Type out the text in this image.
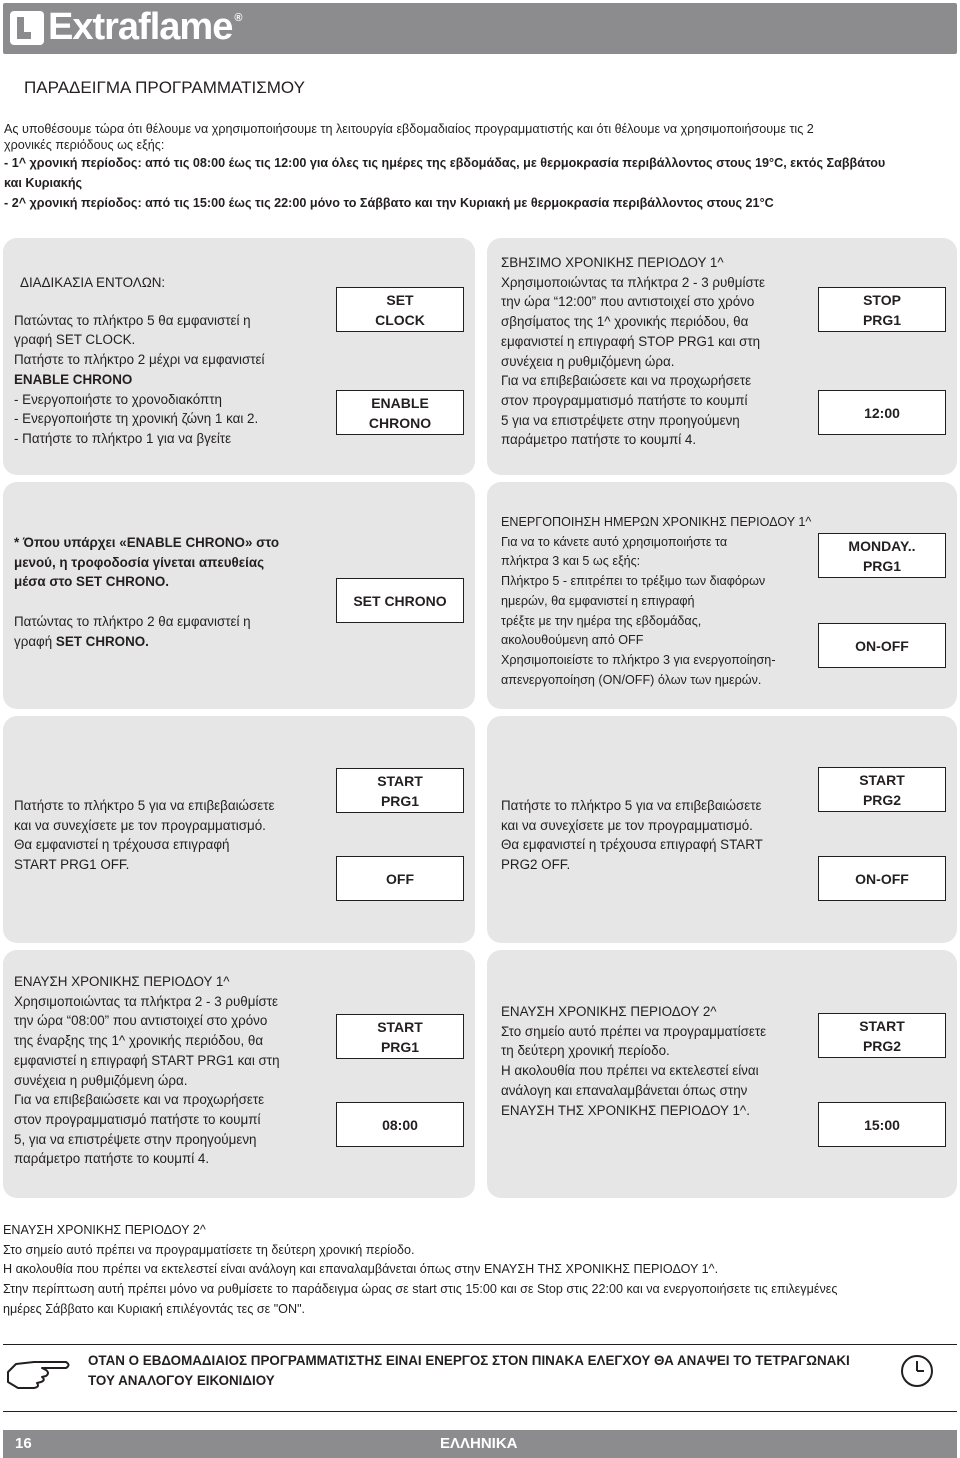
Extraflame ®
ΠΑΡΑΔΕΙΓΜΑ ΠΡΟΓΡΑΜΜΑΤΙΣΜΟΥ

Ας υποθέσουμε τώρα ότι θέλουμε να χρησιμοποιήσουμε τη λειτουργία εβδομαδιαίος προγραμματιστής και ότι θέλουμε να χρησιμοποιήσουμε τις 2

χρονικές περιόδους ως εξής:

- 1^ χρονική περίοδος: από τις 08:00 έως τις 12:00 για όλες τις ημέρες της εβδομάδας, με θερμοκρασία περιβάλλοντος στους 19°C, εκτός Σαββάτου

και Κυριακής

- 2^ χρονική περίοδος: από τις 15:00 έως τις 22:00 μόνο το Σάββατο και την Κυριακή με θερμοκρασία περιβάλλοντος στους 21°C

ΔΙΑΔΙΚΑΣΙΑ ΕΝΤΟΛΩΝ:

Πατώντας το πλήκτρο 5 θα εμφανιστεί η

γραφή SET CLOCK.

Πατήστε το πλήκτρο 2 μέχρι να εμφανιστεί

ENABLE CHRONO

- Ενεργοποιήστε το χρονοδιακόπτη

- Ενεργοποιήστε τη χρονική ζώνη 1 και 2.

- Πατήστε το πλήκτρο 1 για να βγείτε

SET
CLOCK
ENABLE
CHRONO

ΣΒΗΣΙΜΟ ΧΡΟΝΙΚΗΣ ΠΕΡΙΟΔΟΥ 1^

Χρησιμοποιώντας τα πλήκτρα 2 - 3 ρυθμίστε

την ώρα “12:00” που αντιστοιχεί στο χρόνο

σβησίματος της 1^ χρονικής περιόδου, θα

εμφανιστεί η επιγραφή STOP PRG1 και στη

συνέχεια η ρυθμιζόμενη ώρα.

Για να επιβεβαιώσετε και να προχωρήσετε

στον προγραμματισμό πατήστε το κουμπί

5 για να επιστρέψετε στην προηγούμενη

παράμετρο πατήστε το κουμπί 4.

STOP
PRG1
12:00

* Όπου υπάρχει «ENABLE CHRONO» στο

μενού, η τροφοδοσία γίνεται απευθείας

μέσα στο SET CHRONO.

Πατώντας το πλήκτρο 2 θα εμφανιστεί η

γραφή SET CHRONO.

SET CHRONO

ΕΝΕΡΓΟΠΟΙΗΣΗ ΗΜΕΡΩΝ ΧΡΟΝΙΚΗΣ ΠΕΡΙΟΔΟΥ 1^

Για να το κάνετε αυτό χρησιμοποιήστε τα

πλήκτρα 3 και 5 ως εξής:

Πλήκτρο 5 - επιτρέπει το τρέξιμο των διαφόρων

ημερών, θα εμφανιστεί η επιγραφή

τρέξτε με την ημέρα της εβδομάδας,

ακολουθούμενη από OFF

Χρησιμοποιείστε το πλήκτρο 3 για ενεργοποίηση-

απενεργοποίηση (ON/OFF) όλων των ημερών.

MONDAY..
PRG1
ON-OFF

Πατήστε το πλήκτρο 5 για να επιβεβαιώσετε

και να συνεχίσετε με τον προγραμματισμό.

Θα εμφανιστεί η τρέχουσα επιγραφή

START PRG1 OFF.

START
PRG1
OFF

Πατήστε το πλήκτρο 5 για να επιβεβαιώσετε

και να συνεχίσετε με τον προγραμματισμό.

Θα εμφανιστεί η τρέχουσα επιγραφή START

PRG2 OFF.

START
PRG2
ON-OFF

ΕΝΑΥΣΗ ΧΡΟΝΙΚΗΣ ΠΕΡΙΟΔΟΥ 1^

Χρησιμοποιώντας τα πλήκτρα 2 - 3 ρυθμίστε

την ώρα “08:00” που αντιστοιχεί στο χρόνο

της έναρξης της 1^ χρονικής περιόδου, θα

εμφανιστεί η επιγραφή START PRG1 και στη

συνέχεια η ρυθμιζόμενη ώρα.

Για να επιβεβαιώσετε και να προχωρήσετε

στον προγραμματισμό πατήστε το κουμπί

5, για να επιστρέψετε στην προηγούμενη

παράμετρο πατήστε το κουμπί 4.

START
PRG1
08:00

ΕΝΑΥΣΗ ΧΡΟΝΙΚΗΣ ΠΕΡΙΟΔΟΥ 2^

Στο σημείο αυτό πρέπει να προγραμματίσετε

τη δεύτερη χρονική περίοδο.

Η ακολουθία που πρέπει να εκτελεστεί είναι

ανάλογη και επαναλαμβάνεται όπως στην

ΕΝΑΥΣΗ ΤΗΣ ΧΡΟΝΙΚΗΣ ΠΕΡΙΟΔΟΥ 1^.

START
PRG2
15:00

ΕΝΑΥΣΗ ΧΡΟΝΙΚΗΣ ΠΕΡΙΟΔΟΥ 2^

Στο σημείο αυτό πρέπει να προγραμματίσετε τη δεύτερη χρονική περίοδο.

Η ακολουθία που πρέπει να εκτελεστεί είναι ανάλογη και επαναλαμβάνεται όπως στην ΕΝΑΥΣΗ ΤΗΣ ΧΡΟΝΙΚΗΣ ΠΕΡΙΟΔΟΥ 1^.

Στην περίπτωση αυτή πρέπει μόνο να ρυθμίσετε το παράδειγμα ώρας σε start στις 15:00 και σε Stop στις 22:00 και να ενεργοποιήσετε τις επιλεγμένες

ημέρες Σάββατο και Κυριακή επιλέγοντάς τες σε "ON".

ΟΤΑΝ Ο ΕΒΔΟΜΑΔΙΑΙΟΣ ΠΡΟΓΡΑΜΜΑΤΙΣΤΗΣ ΕΙΝΑΙ ΕΝΕΡΓΟΣ ΣΤΟΝ ΠΙΝΑΚΑ ΕΛΕΓΧΟΥ ΘΑ ΑΝΑΨΕΙ ΤΟ ΤΕΤΡΑΓΩΝΑΚΙ
ΤΟΥ ΑΝΑΛΟΓΟΥ ΕΙΚΟΝΙΔΙΟΥ
16	ΕΛΛΗΝΙΚΑ
